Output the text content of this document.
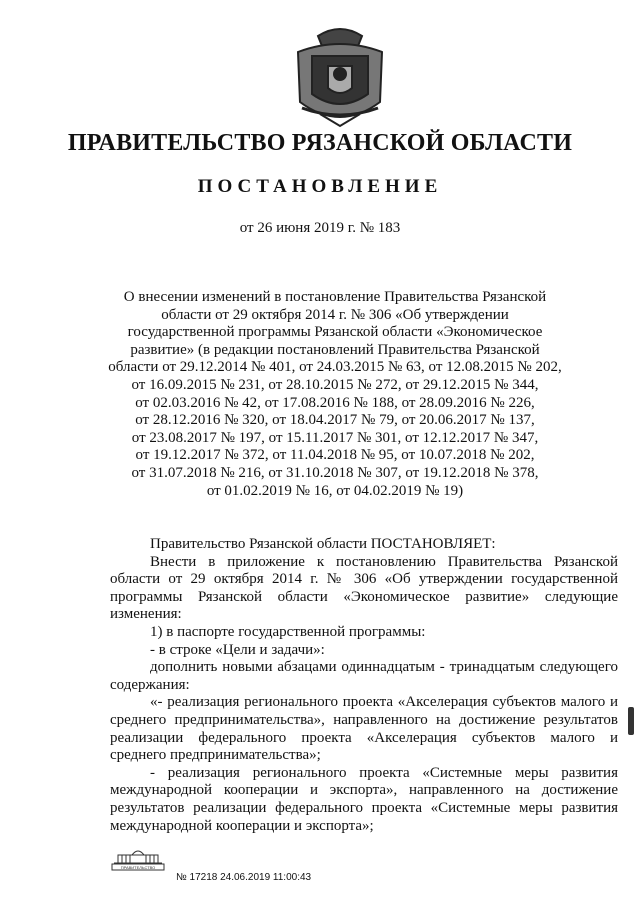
ПРАВИТЕЛЬСТВО РЯЗАНСКОЙ ОБЛАСТИ
ПОСТАНОВЛЕНИЕ
от 26 июня 2019 г. № 183
О внесении изменений в постановление Правительства Рязанской
области от 29 октября 2014 г. № 306 «Об утверждении
государственной программы Рязанской области «Экономическое
развитие» (в редакции постановлений Правительства Рязанской
области от 29.12.2014 № 401, от 24.03.2015 № 63, от 12.08.2015 № 202,
от 16.09.2015 № 231, от 28.10.2015 № 272, от 29.12.2015 № 344,
от 02.03.2016 № 42, от 17.08.2016 № 188, от 28.09.2016 № 226,
от 28.12.2016 № 320, от 18.04.2017 № 79, от 20.06.2017 № 137,
от 23.08.2017 № 197, от 15.11.2017 № 301, от 12.12.2017 № 347,
от 19.12.2017 № 372, от 11.04.2018 № 95, от 10.07.2018 № 202,
от 31.07.2018 № 216, от 31.10.2018 № 307, от 19.12.2018 № 378,
от 01.02.2019 № 16, от 04.02.2019 № 19)
Правительство Рязанской области ПОСТАНОВЛЯЕТ:
Внести в приложение к постановлению Правительства Рязанской
области от 29 октября 2014 г. № 306 «Об утверждении государственной
программы Рязанской области «Экономическое развитие» следующие
изменения:
1) в паспорте государственной программы:
- в строке «Цели и задачи»:
дополнить новыми абзацами одиннадцатым - тринадцатым следующего
содержания:
«- реализация регионального проекта «Акселерация субъектов малого и
среднего предпринимательства», направленного на достижение результатов
реализации федерального проекта «Акселерация субъектов малого и
среднего предпринимательства»;
- реализация регионального проекта «Системные меры развития
международной кооперации и экспорта», направленного на достижение
результатов реализации федерального проекта «Системные меры развития
международной кооперации и экспорта»;
ПРАВИТЕЛЬСТВО
№ 17218 24.06.2019 11:00:43
